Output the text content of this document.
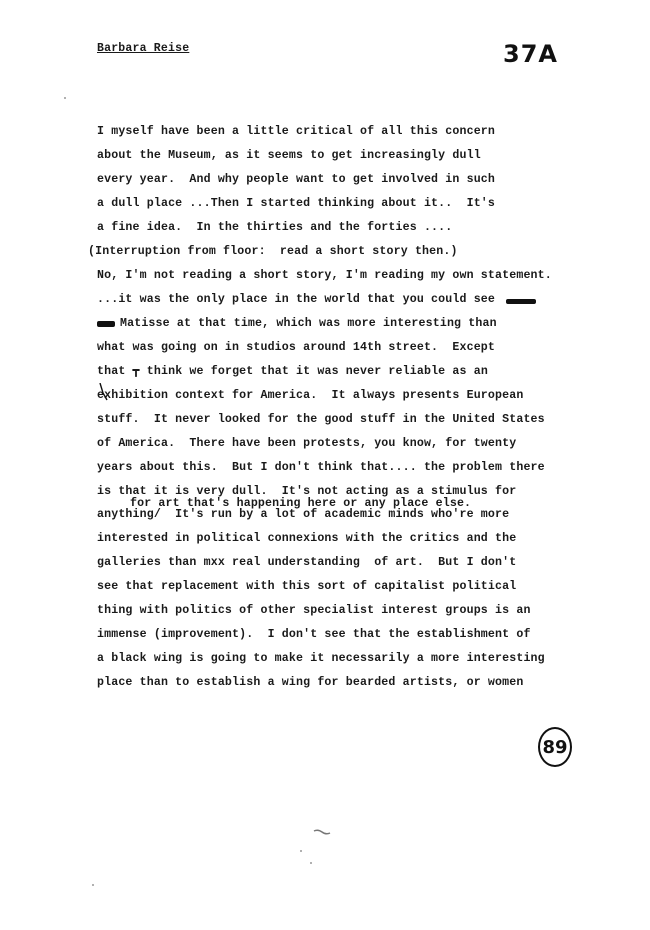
Barbara Reise	37A
I myself have been a little critical of all this concern
about the Museum, as it seems to get increasingly dull
every year.  And why people want to get involved in such
a dull place ...Then I started thinking about it..  It's
a fine idea.  In the thirties and the forties ....
(Ιnterruption from floor:  read a short story then.)
No, I'm not reading a short story, I'm reading my own statement.
...it was the only place in the world that you could see
Matisse at that time, which was more interesting than
what was going on in studios around 14th street.  Except
that ┳ think we forget that it was never reliable as an
exhibition context for America.  It always presents European
stuff.  It never looked for the good stuff in the United States
of America.  There have been protests, you know, for twenty
years about this.  But I don't think that.... the problem there
is that it is very dull.  It's not acting as a stimulus for
anything/  It's run by a lot of academic minds who're more
interested in political connexions with the critics and the
galleries than mxx real understanding  of art.  But I don't
see that replacement with this sort of capitalist political
thing with politics of other specialist interest groups is an
immense (improvement).  I don't see that the establishment of
a black wing is going to make it necessarily a more interesting
place than to establish a wing for bearded artists, or women
for art that's happening here or any place else.
89
